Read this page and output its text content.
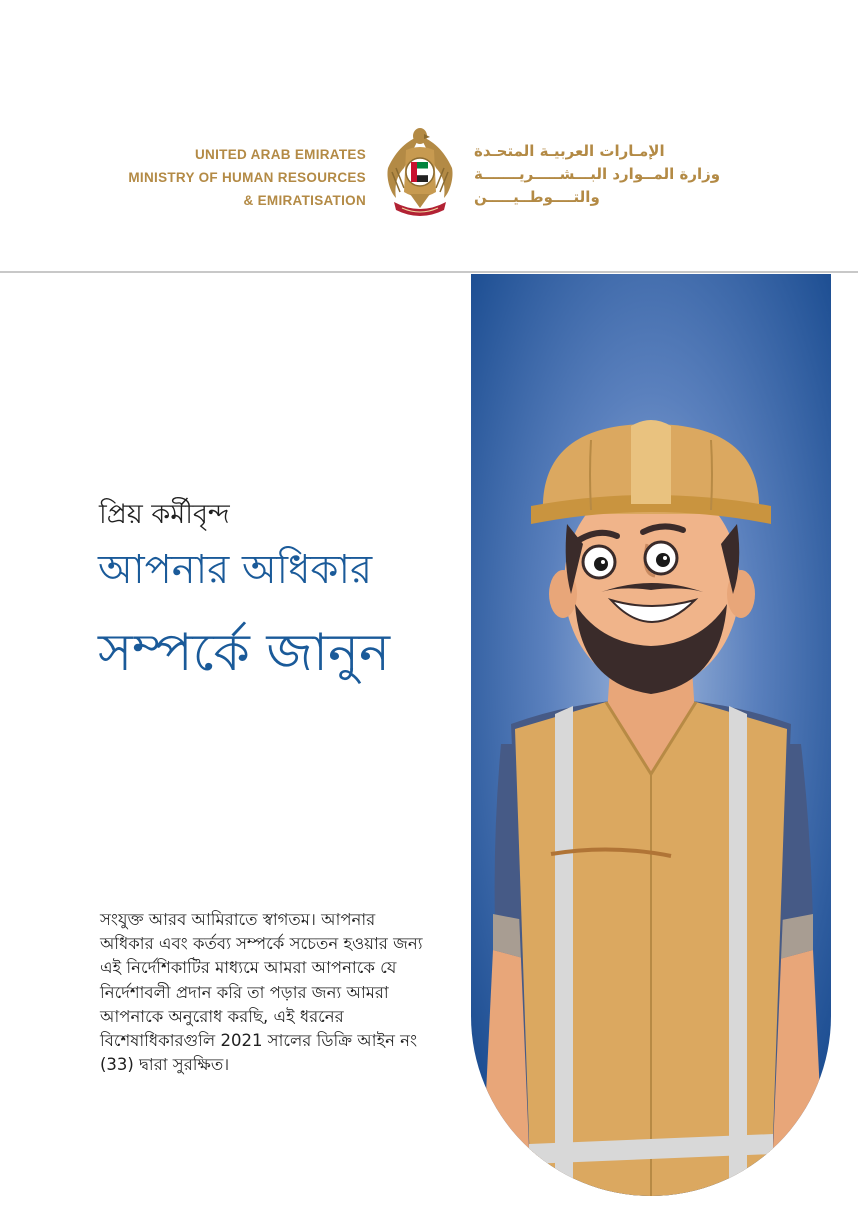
UNITED ARAB EMIRATES
MINISTRY OF HUMAN RESOURCES
& EMIRATISATION
الإمـارات العربيـة المتحـدة
وزارة المــوارد البـــشـــــريـــــــة
والتــــوطــيـــــن
প্রিয় কর্মীবৃন্দ
আপনার অধিকার
সম্পর্কে জানুন
সংযুক্ত আরব আমিরাতে স্বাগতম। আপনার অধিকার এবং কর্তব্য সম্পর্কে সচেতন হওয়ার জন্য এই নির্দেশিকাটির মাধ্যমে আমরা আপনাকে যে নির্দেশাবলী প্রদান করি তা পড়ার জন্য আমরা আপনাকে অনুরোধ করছি, এই ধরনের বিশেষাধিকারগুলি 2021 সালের ডিক্রি আইন নং (33) দ্বারা সুরক্ষিত।
